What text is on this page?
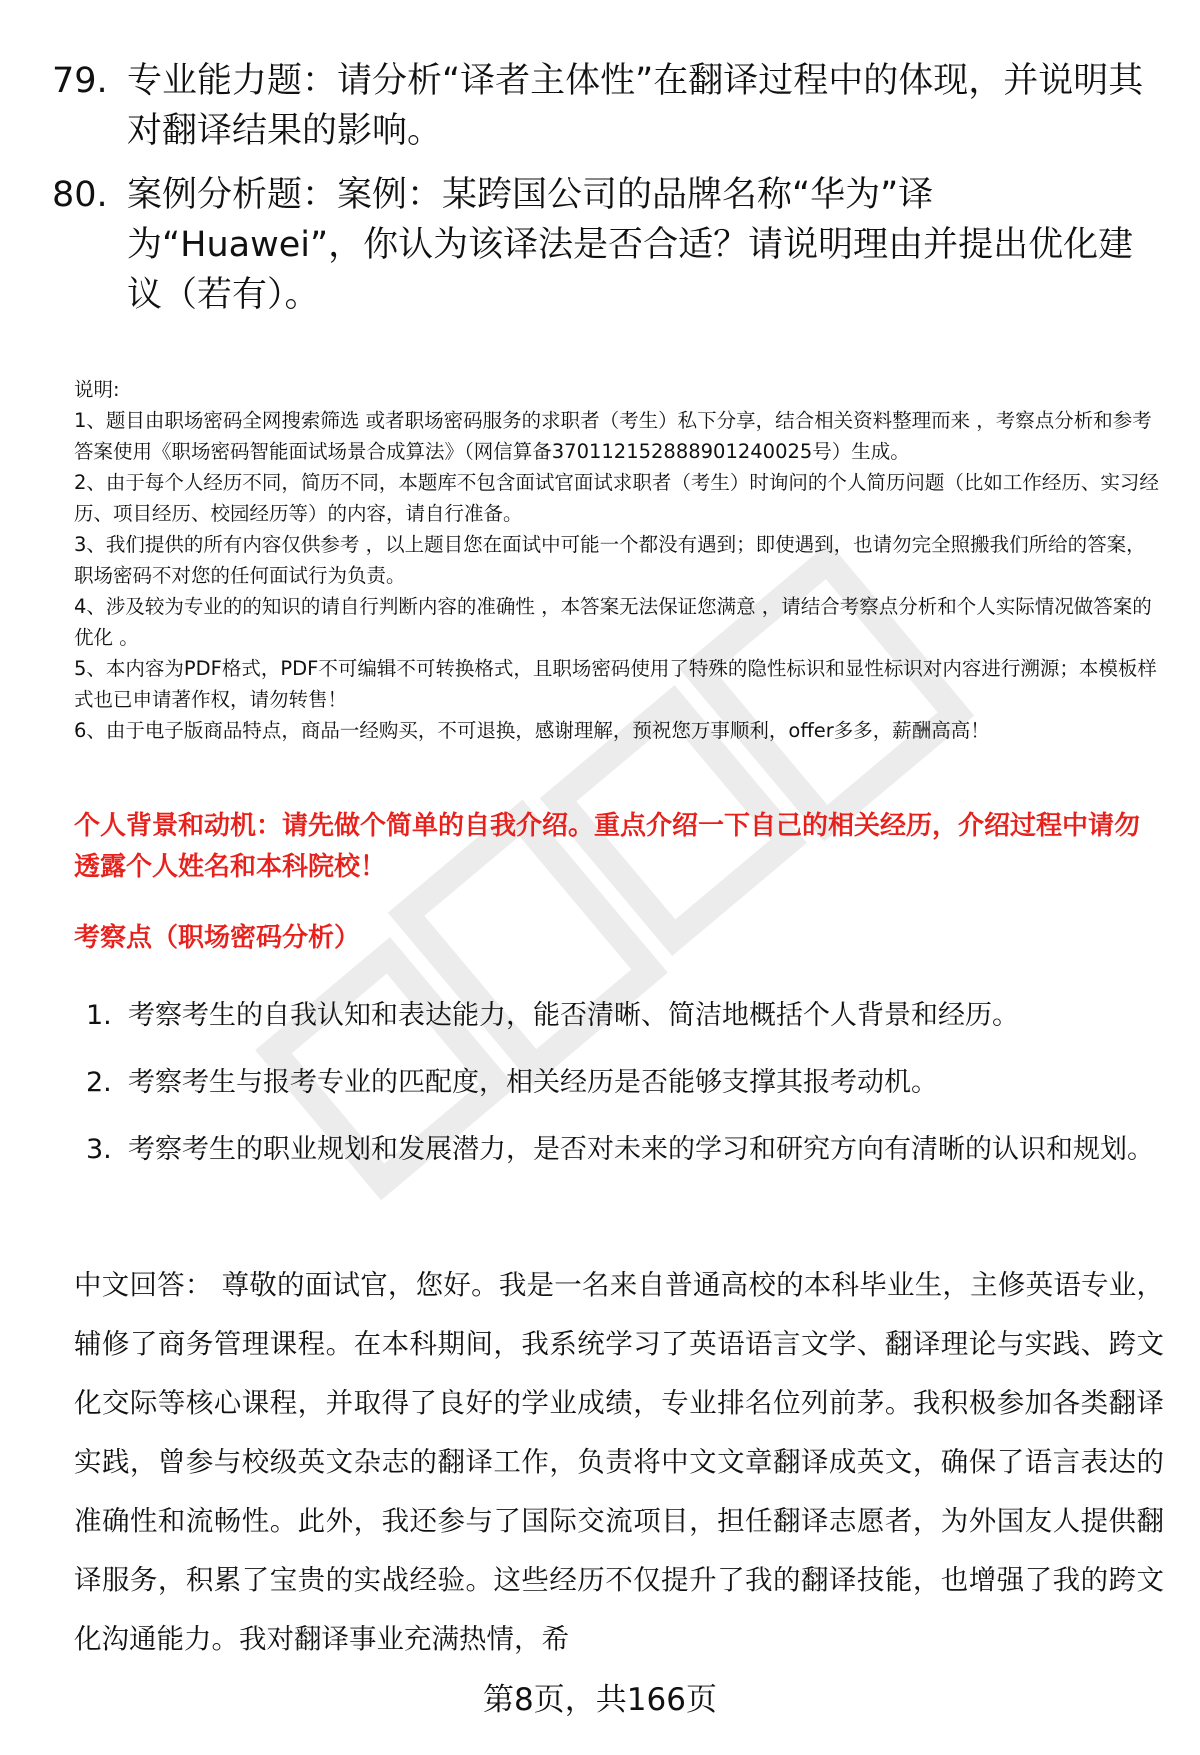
79. 专业能力题：请分析“译者主体性”在翻译过程中的体现，并说明其对翻译结果的影响。
80. 案例分析题：案例：某跨国公司的品牌名称“华为”译为“Huawei”，你认为该译法是否合适？请说明理由并提出优化建议（若有）。

说明:

1、题目由职场密码全网搜索筛选 或者职场密码服务的求职者（考生）私下分享，结合相关资料整理而来 ，考察点分析和参考答案使用《职场密码智能面试场景合成算法》（网信算备370112152888901240025号）生成。

2、由于每个人经历不同，简历不同，本题库不包含面试官面试求职者（考生）时询问的个人简历问题（比如工作经历、实习经历、项目经历、校园经历等）的内容，请自行准备。

3、我们提供的所有内容仅供参考 ，以上题目您在面试中可能一个都没有遇到；即使遇到，也请勿完全照搬我们所给的答案，职场密码不对您的任何面试行为负责。

4、涉及较为专业的的知识的请自行判断内容的准确性 ，本答案无法保证您满意 ，请结合考察点分析和个人实际情况做答案的优化 。

5、本内容为PDF格式，PDF不可编辑不可转换格式，且职场密码使用了特殊的隐性标识和显性标识对内容进行溯源；本模板样式也已申请著作权，请勿转售！

6、由于电子版商品特点，商品一经购买，不可退换，感谢理解，预祝您万事顺利，offer多多，薪酬高高！

个人背景和动机：请先做个简单的自我介绍。重点介绍一下自己的相关经历，介绍过程中请勿透露个人姓名和本科院校！
考察点（职场密码分析）
1. 考察考生的自我认知和表达能力，能否清晰、简洁地概括个人背景和经历。
2. 考察考生与报考专业的匹配度，相关经历是否能够支撑其报考动机。
3. 考察考生的职业规划和发展潜力，是否对未来的学习和研究方向有清晰的认识和规划。

中文回答： 尊敬的面试官，您好。我是一名来自普通高校的本科毕业生，主修英语专业，辅修了商务管理课程。在本科期间，我系统学习了英语语言文学、翻译理论与实践、跨文化交际等核心课程，并取得了良好的学业成绩，专业排名位列前茅。我积极参加各类翻译实践，曾参与校级英文杂志的翻译工作，负责将中文文章翻译成英文，确保了语言表达的准确性和流畅性。此外，我还参与了国际交流项目，担任翻译志愿者，为外国友人提供翻译服务，积累了宝贵的实战经验。这些经历不仅提升了我的翻译技能，也增强了我的跨文化沟通能力。我对翻译事业充满热情，希

第8页，共166页
